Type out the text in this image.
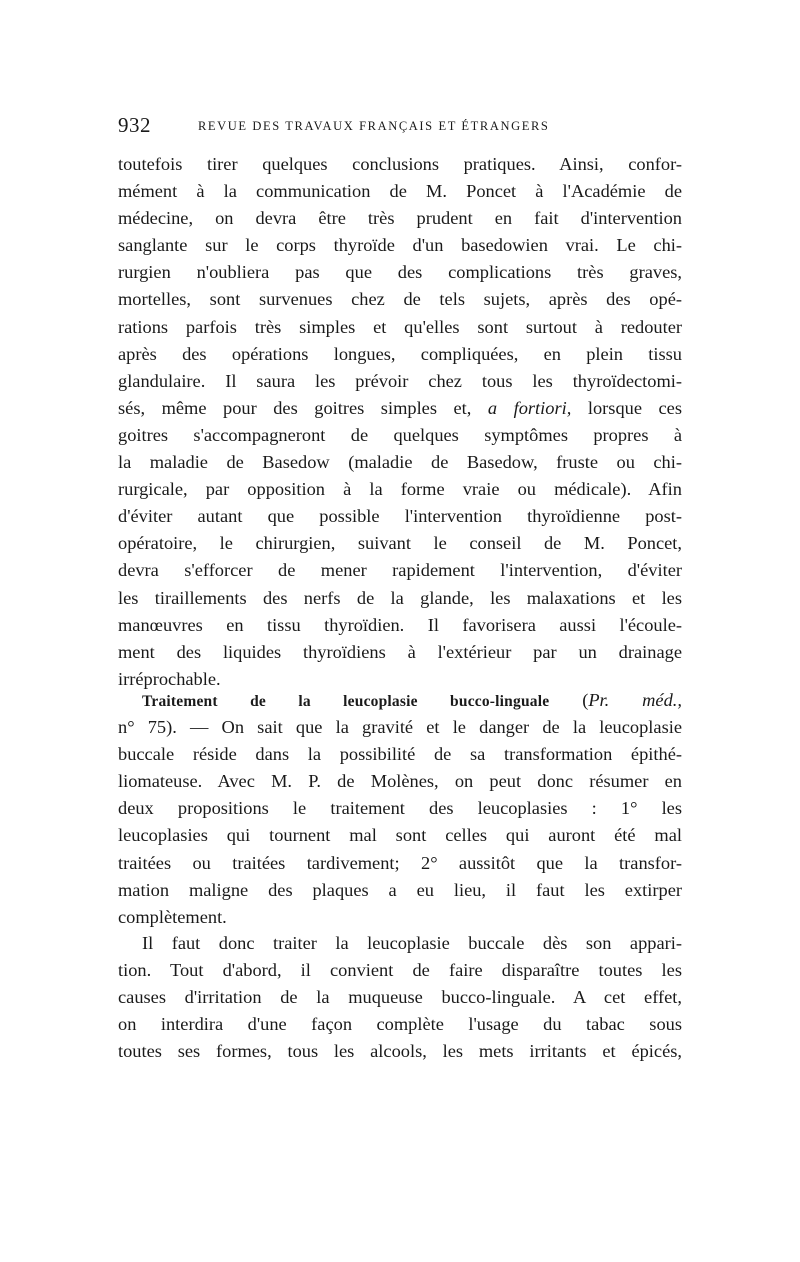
932	REVUE DES TRAVAUX FRANÇAIS ET ÉTRANGERS
toutefois tirer quelques conclusions pratiques. Ainsi, confor-
mément à la communication de M. Poncet à l'Académie de
médecine, on devra être très prudent en fait d'intervention
sanglante sur le corps thyroïde d'un basedowien vrai. Le chi-
rurgien n'oubliera pas que des complications très graves,
mortelles, sont survenues chez de tels sujets, après des opé-
rations parfois très simples et qu'elles sont surtout à redouter
après des opérations longues, compliquées, en plein tissu
glandulaire. Il saura les prévoir chez tous les thyroïdectomi-
sés, même pour des goitres simples et, a fortiori, lorsque ces
goitres s'accompagneront de quelques symptômes propres à
la maladie de Basedow (maladie de Basedow, fruste ou chi-
rurgicale, par opposition à la forme vraie ou médicale). Afin
d'éviter autant que possible l'intervention thyroïdienne post-
opératoire, le chirurgien, suivant le conseil de M. Poncet,
devra s'efforcer de mener rapidement l'intervention, d'éviter
les tiraillements des nerfs de la glande, les malaxations et les
manœuvres en tissu thyroïdien. Il favorisera aussi l'écoule-
ment des liquides thyroïdiens à l'extérieur par un drainage
irréprochable.
Traitement de la leucoplasie bucco-linguale (Pr. méd.,
n° 75). — On sait que la gravité et le danger de la leucoplasie
buccale réside dans la possibilité de sa transformation épithé-
liomateuse. Avec M. P. de Molènes, on peut donc résumer en
deux propositions le traitement des leucoplasies : 1° les
leucoplasies qui tournent mal sont celles qui auront été mal
traitées ou traitées tardivement; 2° aussitôt que la transfor-
mation maligne des plaques a eu lieu, il faut les extirper
complètement.
Il faut donc traiter la leucoplasie buccale dès son appari-
tion. Tout d'abord, il convient de faire disparaître toutes les
causes d'irritation de la muqueuse bucco-linguale. A cet effet,
on interdira d'une façon complète l'usage du tabac sous
toutes ses formes, tous les alcools, les mets irritants et épicés,
